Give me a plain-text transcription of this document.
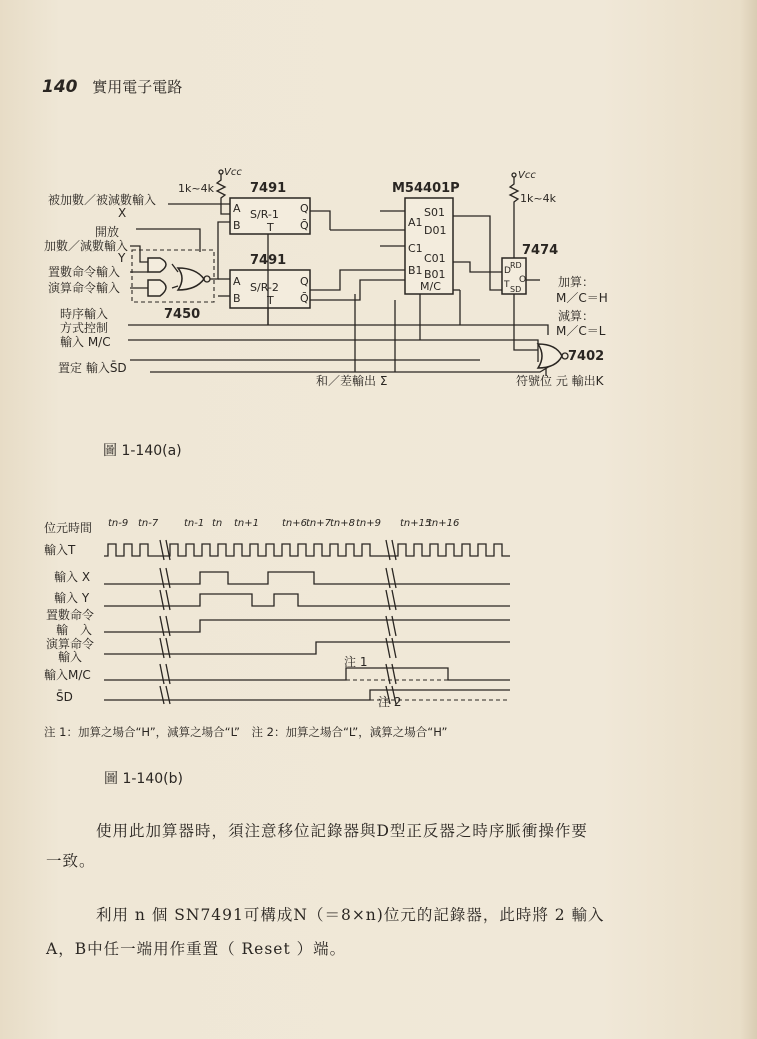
140 實用電子電路
被加數／被減數輸入
X
開放
加數／減數輸入
Y
置數命令輸入
演算命令輸入
時序輸入
方式控制
輸入 M/C
置定 輸入S̄D
Vcc
1k~4k	7491
A
B
S/R-1 Q
Q̄
T
7491
A
B
S/R-2 Q
Q̄
T
M54401P
A1
C1
B1
S01
D01
C01
B01
M/C
Vcc
1k~4k
7474
D
T
RD
SD
O	加算：
M／C＝H
減算：
M／C＝L
7402
7450
和／差輸出 Σ	符號位 元 輸出K
圖 1-140(a)
位元時間 tn-9 tn-7	tn-1 tn tn+1 tn+6 tn+7 tn+8 tn+9 tn+15
tn+16
輸入T
輸入 X
輸入 Y
置數命令
輸　入
演算命令
輸入
輸入M/C
S̄D
注 1
注 2
注 1：加算之場合“H”，減算之場合“L”　注 2：加算之場合“L”，減算之場合“H”
圖 1-140(b)
使用此加算器時，須注意移位記錄器與D型正反器之時序脈衝操作要
一致。
利用 n 個 SN7491可構成N（＝8×n)位元的記錄器，此時將 2 輸入
A，B中任一端用作重置（ Reset ）端。
